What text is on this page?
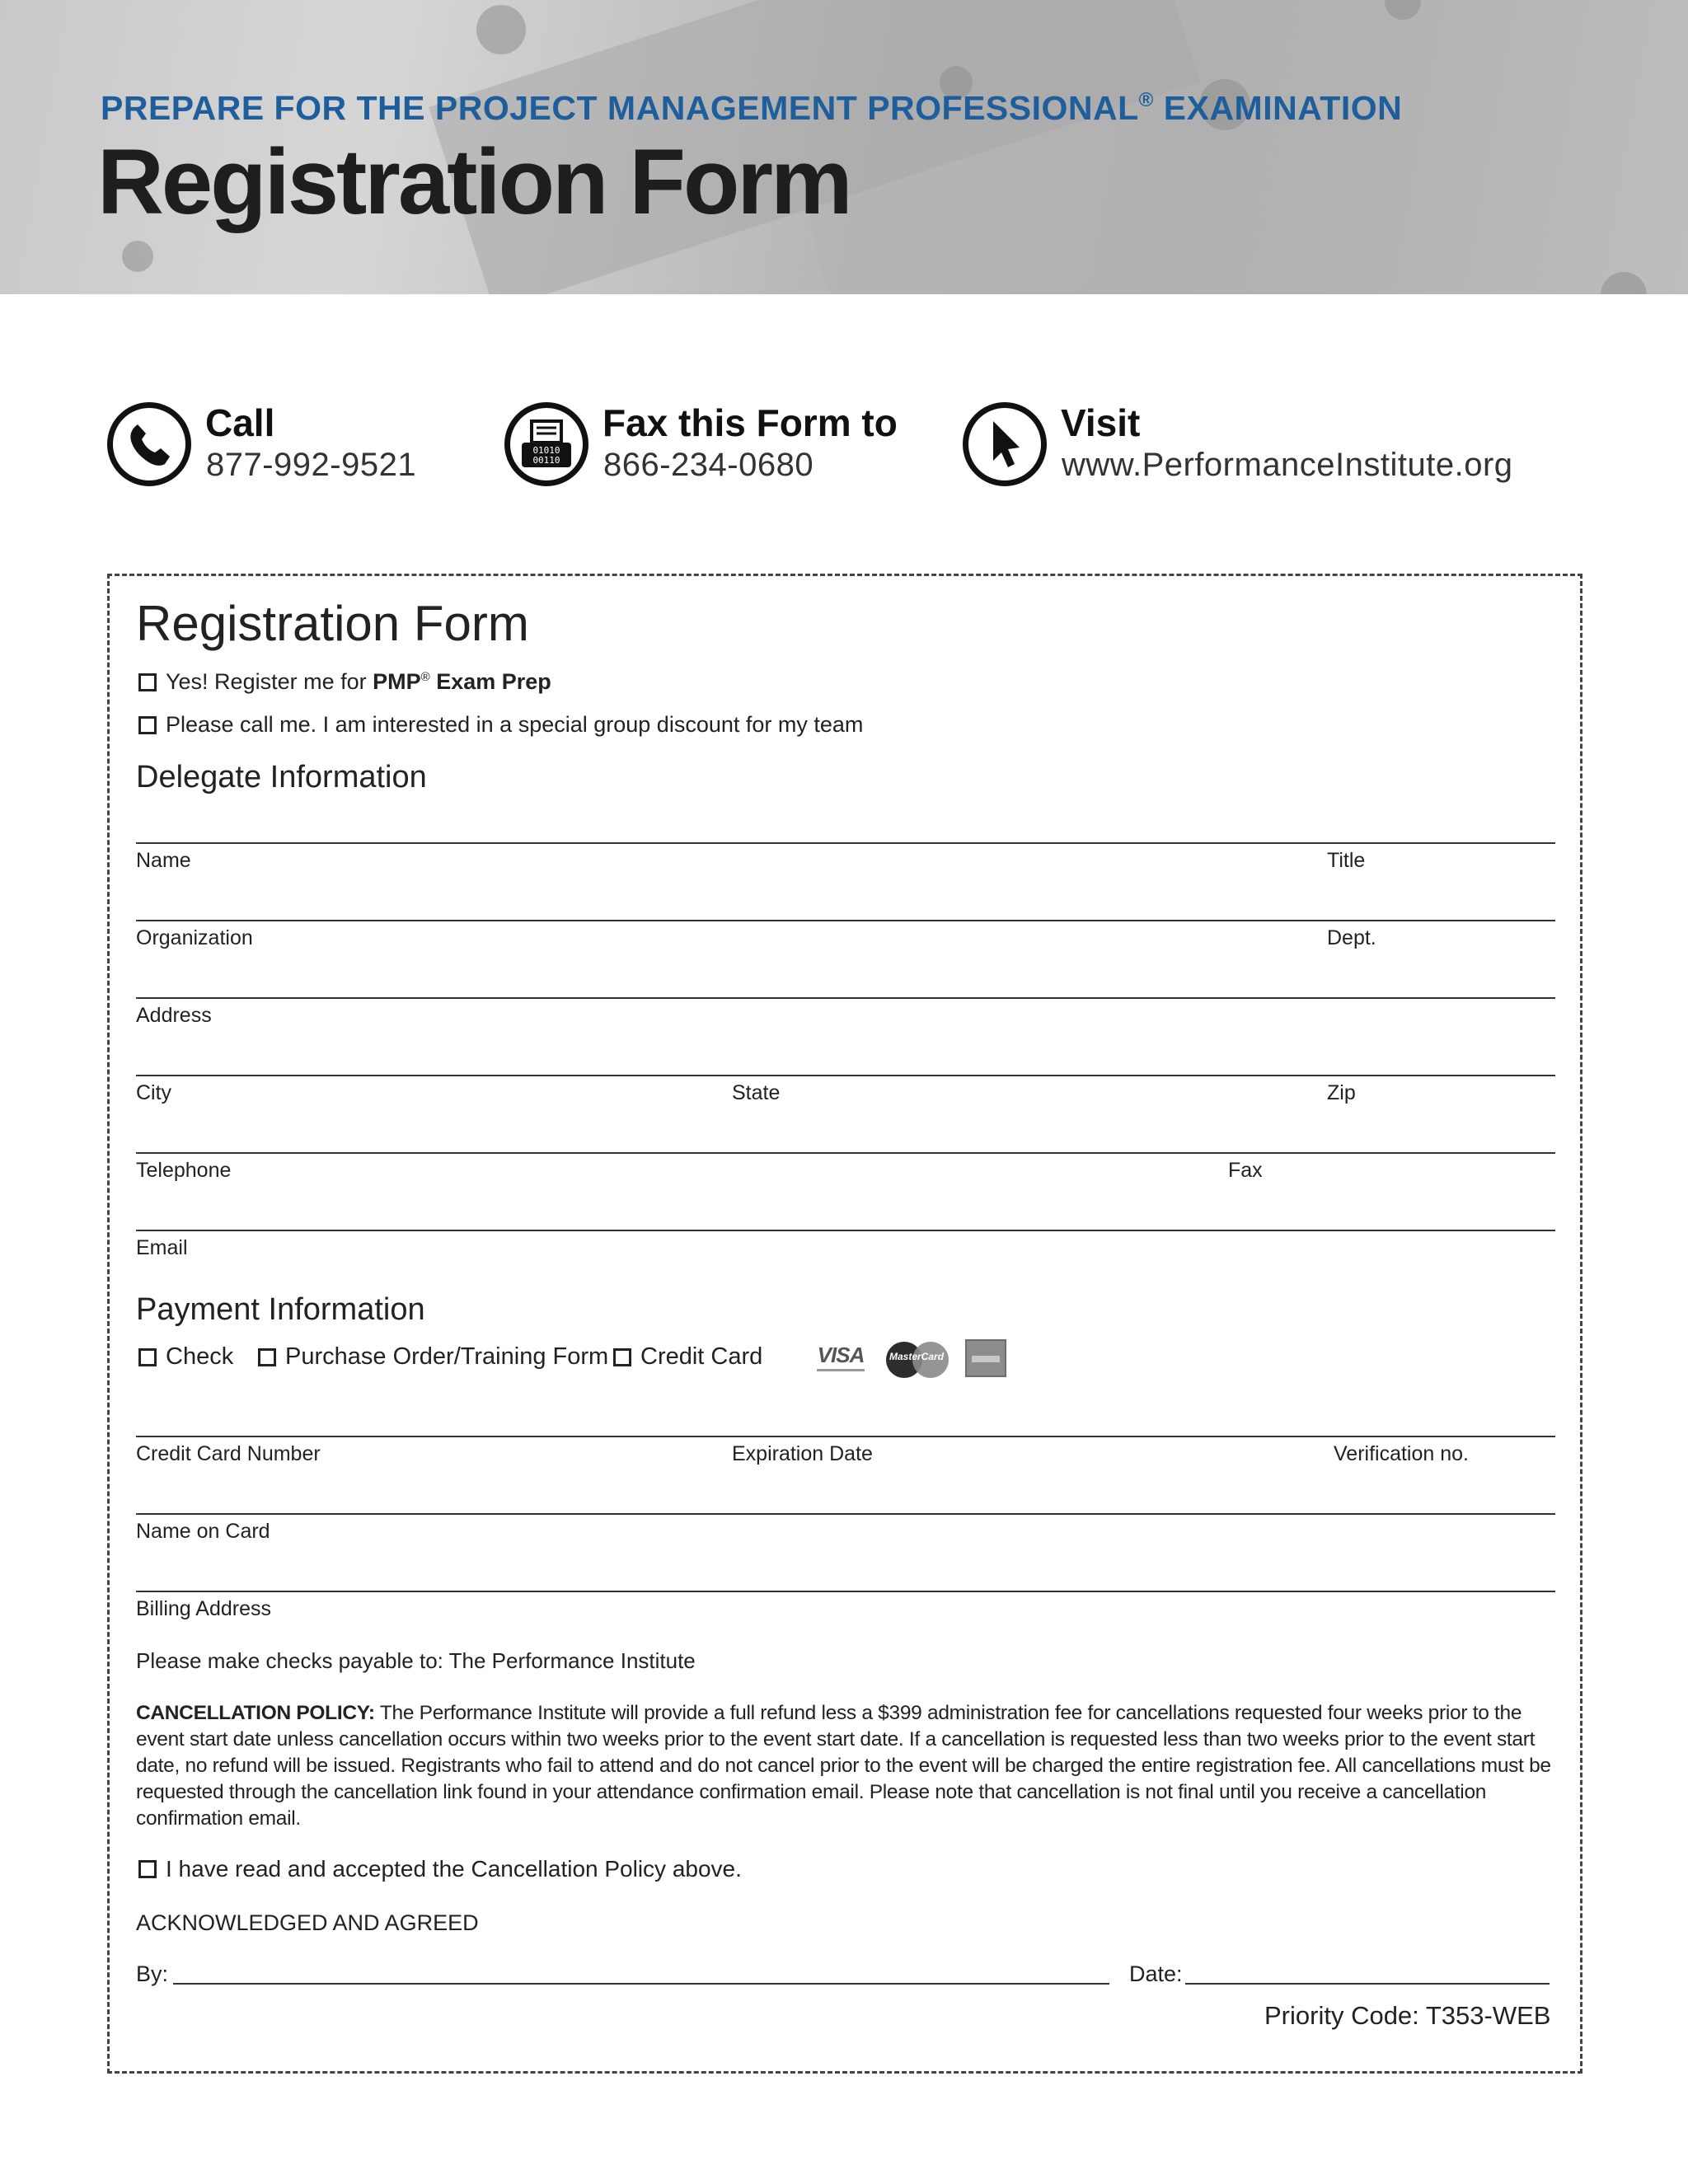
PREPARE FOR THE PROJECT MANAGEMENT PROFESSIONAL® EXAMINATION
Registration Form
Call
877-992-9521	01010
00110
Fax this Form to
866-234-0680
Visit
www.PerformanceInstitute.org
Registration Form
Yes! Register me for PMP® Exam Prep
Please call me. I am interested in a special group discount for my team
Delegate Information
Name	Title
Organization	Dept.
Address
City	State	Zip
Telephone	Fax
Email
Payment Information
Check Purchase Order/Training Form Credit Card	VISA	MasterCard
Credit Card Number	Expiration Date	Verification no.
Name on Card
Billing Address
Please make checks payable to: The Performance Institute
CANCELLATION POLICY: The Performance Institute will provide a full refund less a $399 administration fee for cancellations requested four weeks prior to the event start date unless cancellation occurs within two weeks prior to the event start date. If a cancellation is requested less than two weeks prior to the event start date, no refund will be issued. Registrants who fail to attend and do not cancel prior to the event will be charged the entire registration fee. All cancellations must be requested through the cancellation link found in your attendance confirmation email. Please note that cancellation is not final until you receive a cancellation confirmation email.
I have read and accepted the Cancellation Policy above.
ACKNOWLEDGED AND AGREED
By:	Date:
Priority Code: T353-WEB
